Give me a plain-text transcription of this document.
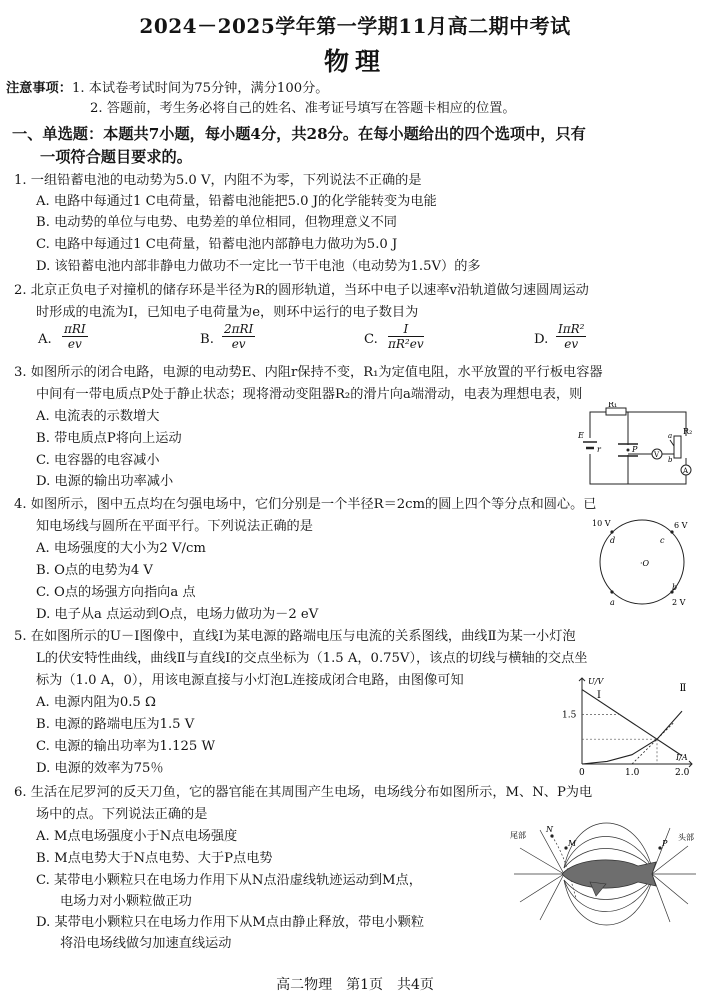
2024－2025学年第一学期11月高二期中考试
物理
注意事项：1. 本试卷考试时间为75分钟，满分100分。
2. 答题前，考生务必将自己的姓名、准考证号填写在答题卡相应的位置。
一、单选题：本题共7小题，每小题4分，共28分。在每小题给出的四个选项中，只有
一项符合题目要求的。
1. 一组铅蓄电池的电动势为5.0 V，内阻不为零，下列说法不正确的是
A. 电路中每通过1 C电荷量，铅蓄电池能把5.0 J的化学能转变为电能
B. 电动势的单位与电势、电势差的单位相同，但物理意义不同
C. 电路中每通过1 C电荷量，铅蓄电池内部静电力做功为5.0 J
D. 该铅蓄电池内部非静电力做功不一定比一节干电池（电动势为1.5V）的多
2. 北京正负电子对撞机的储存环是半径为R的圆形轨道，当环中电子以速率v沿轨道做匀速圆周运动
时形成的电流为I，已知电子电荷量为e，则环中运行的电子数目为
A.
πRI
ev	B.
2πRI
ev	C. $\frac{I}{\text{πR²ev}}$	D.
IπR²
ev
3. 如图所示的闭合电路，电源的电动势E、内阻r保持不变，R₁为定值电阻，水平放置的平行板电容器
中间有一带电质点P处于静止状态；现将滑动变阻器R₂的滑片向a端滑动，电表为理想电表，则
A. 电流表的示数增大
B. 带电质点P将向上运动
C. 电容器的电容减小
D. 电源的输出功率减小
R₁
R₂
E
r	P
V
A
a
b
4. 如图所示，图中五点均在匀强电场中，它们分别是一个半径R＝2cm的圆上四个等分点和圆心。已
知电场线与圆所在平面平行。下列说法正确的是
A. 电场强度的大小为2 V/cm
B. O点的电势为4 V
C. O点的场强方向指向a 点
D. 电子从a 点运动到O点，电场力做功为－2 eV
10 V
d	c
6 V
b
·O
a	2 V
5. 在如图所示的U－I图像中，直线Ⅰ为某电源的路端电压与电流的关系图线，曲线Ⅱ为某一小灯泡
L的伏安特性曲线，曲线Ⅱ与直线Ⅰ的交点坐标为（1.5 A，0.75V），该点的切线与横轴的交点坐
标为（1.0 A，0），用该电源直接与小灯泡L连接成闭合电路，由图像可知
A. 电源内阻为0.5 Ω
B. 电源的路端电压为1.5 V
C. 电源的输出功率为1.125 W
D. 电源的效率为75％	0	1.0	2.0
1.5
Ⅰ
Ⅱ
U/V
I/A
6. 生活在尼罗河的反天刀鱼，它的器官能在其周围产生电场，电场线分布如图所示，M、N、P为电
场中的点。下列说法正确的是
A. M点电场强度小于N点电场强度
B. M点电势大于N点电势、大于P点电势
C. 某带电小颗粒只在电场力作用下从N点沿虚线轨迹运动到M点，
电场力对小颗粒做正功
D. 某带电小颗粒只在电场力作用下从M点由静止释放，带电小颗粒
将沿电场线做匀加速直线运动
尾部	头部
N
M	P
高二物理　第1页　共4页
